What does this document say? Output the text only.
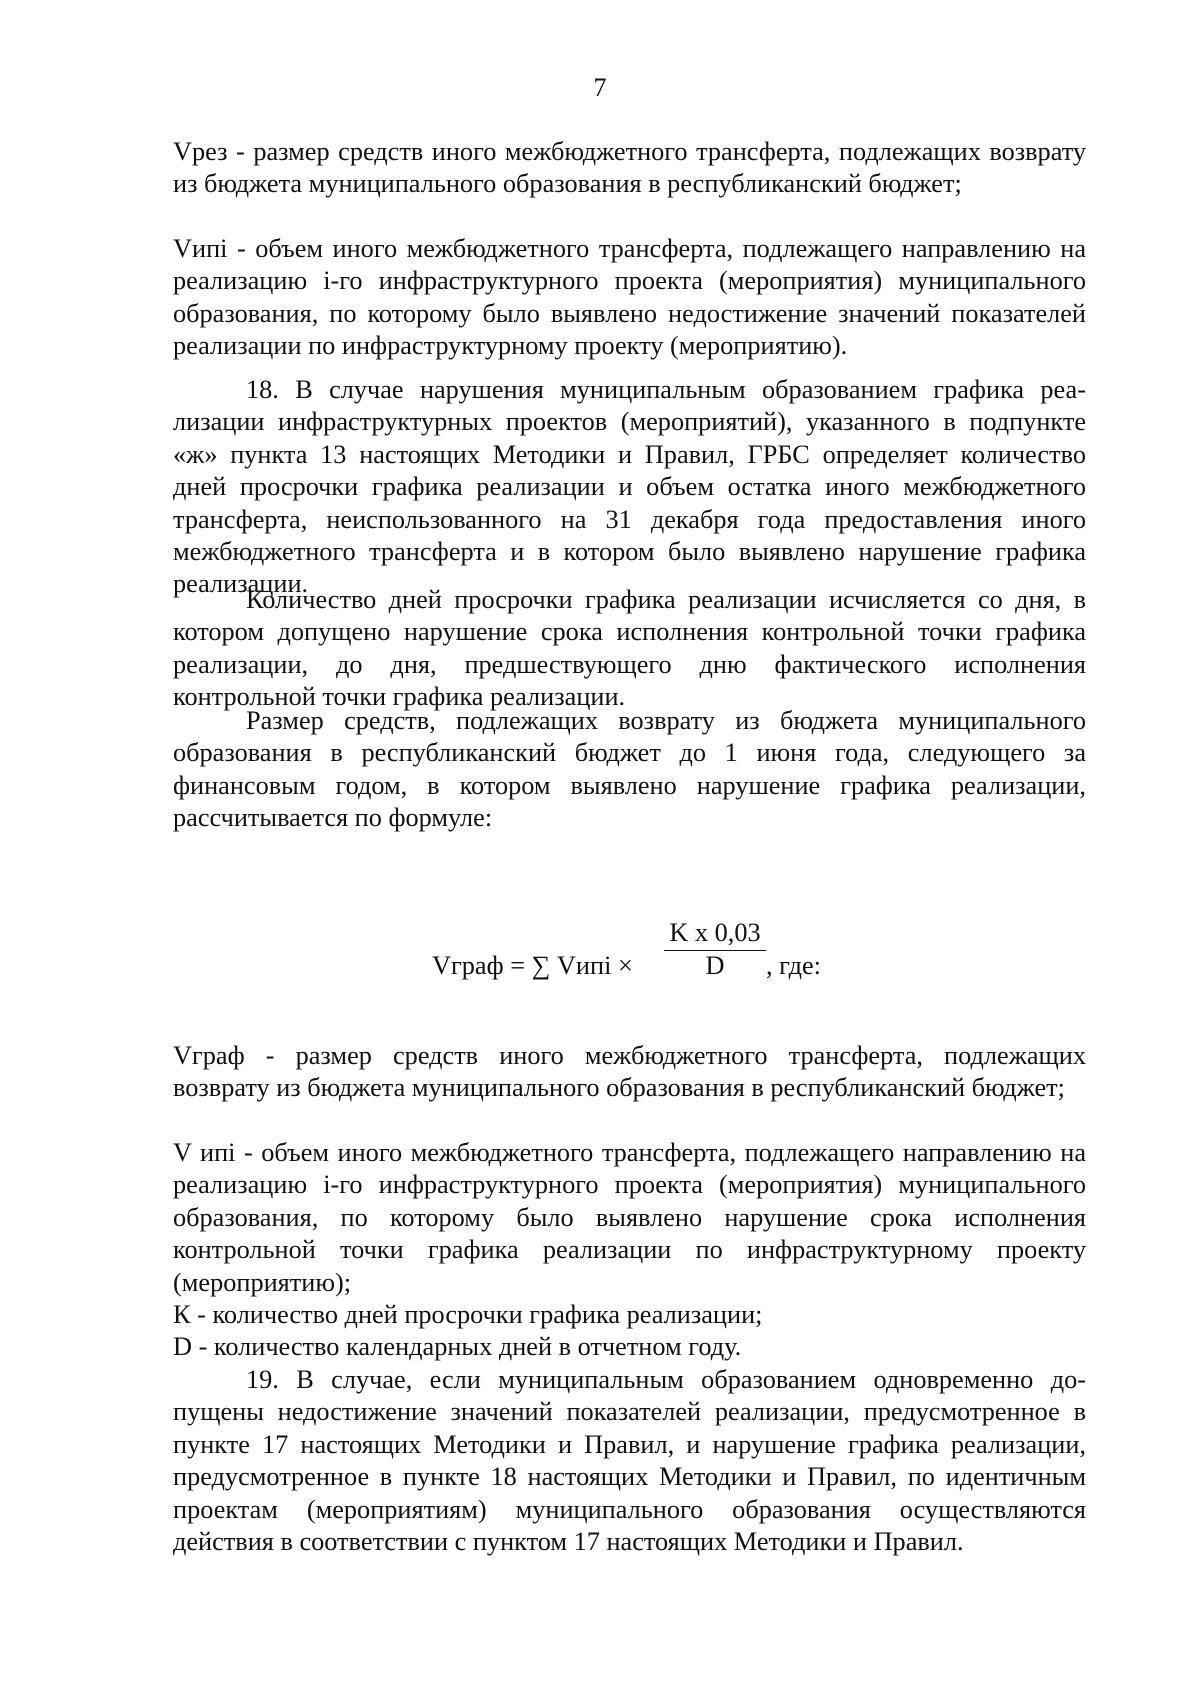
7

Vрез - размер средств иного межбюджетного трансферта, подлежащих возврату из бюджета муниципального образования в республиканский бюджет;

Vипi - объем иного межбюджетного трансферта, подлежащего направлению на реализацию i-го инфраструктурного проекта (мероприятия) муниципального образования, по которому было выявлено недостижение значений показателей реализации по инфраструктурному проекту (мероприятию).

18. В случае нарушения муниципальным образованием графика реализации инфраструктурных проектов (мероприятий), указанного в подпункте «ж» пункта 13 настоящих Методики и Правил, ГРБС определяет количество дней просрочки графика реализации и объем остатка иного межбюджетного трансферта, неиспользованного на 31 декабря года предоставления иного межбюджетного трансферта и в котором было выявлено нарушение графика реализации.

Количество дней просрочки графика реализации исчисляется со дня, в котором допущено нарушение срока исполнения контрольной точки графика реализации, до дня, предшествующего дню фактического исполнения контрольной точки графика реализации.

Размер средств, подлежащих возврату из бюджета муниципального образования в республиканский бюджет до 1 июня года, следующего за финансовым годом, в котором выявлено нарушение графика реализации, рассчитывается по формуле:

Vграф = ∑ Vипi × $\frac{\text{K x 0,03}}{D}$ , где:

Vграф - размер средств иного межбюджетного трансферта, подлежащих возврату из бюджета муниципального образования в республиканский бюджет;

V ипi - объем иного межбюджетного трансферта, подлежащего направлению на реализацию i-го инфраструктурного проекта (мероприятия) муниципального образования, по которому было выявлено нарушение срока исполнения контрольной точки графика реализации по инфраструктурному проекту (мероприятию);

К - количество дней просрочки графика реализации;

D - количество календарных дней в отчетном году.

19. В случае, если муниципальным образованием одновременно допущены недостижение значений показателей реализации, предусмотренное в пункте 17 настоящих Методики и Правил, и нарушение графика реализации, предусмотренное в пункте 18 настоящих Методики и Правил, по идентичным проектам (мероприятиям) муниципального образования осуществляются действия в соответствии с пунктом 17 настоящих Методики и Правил.
